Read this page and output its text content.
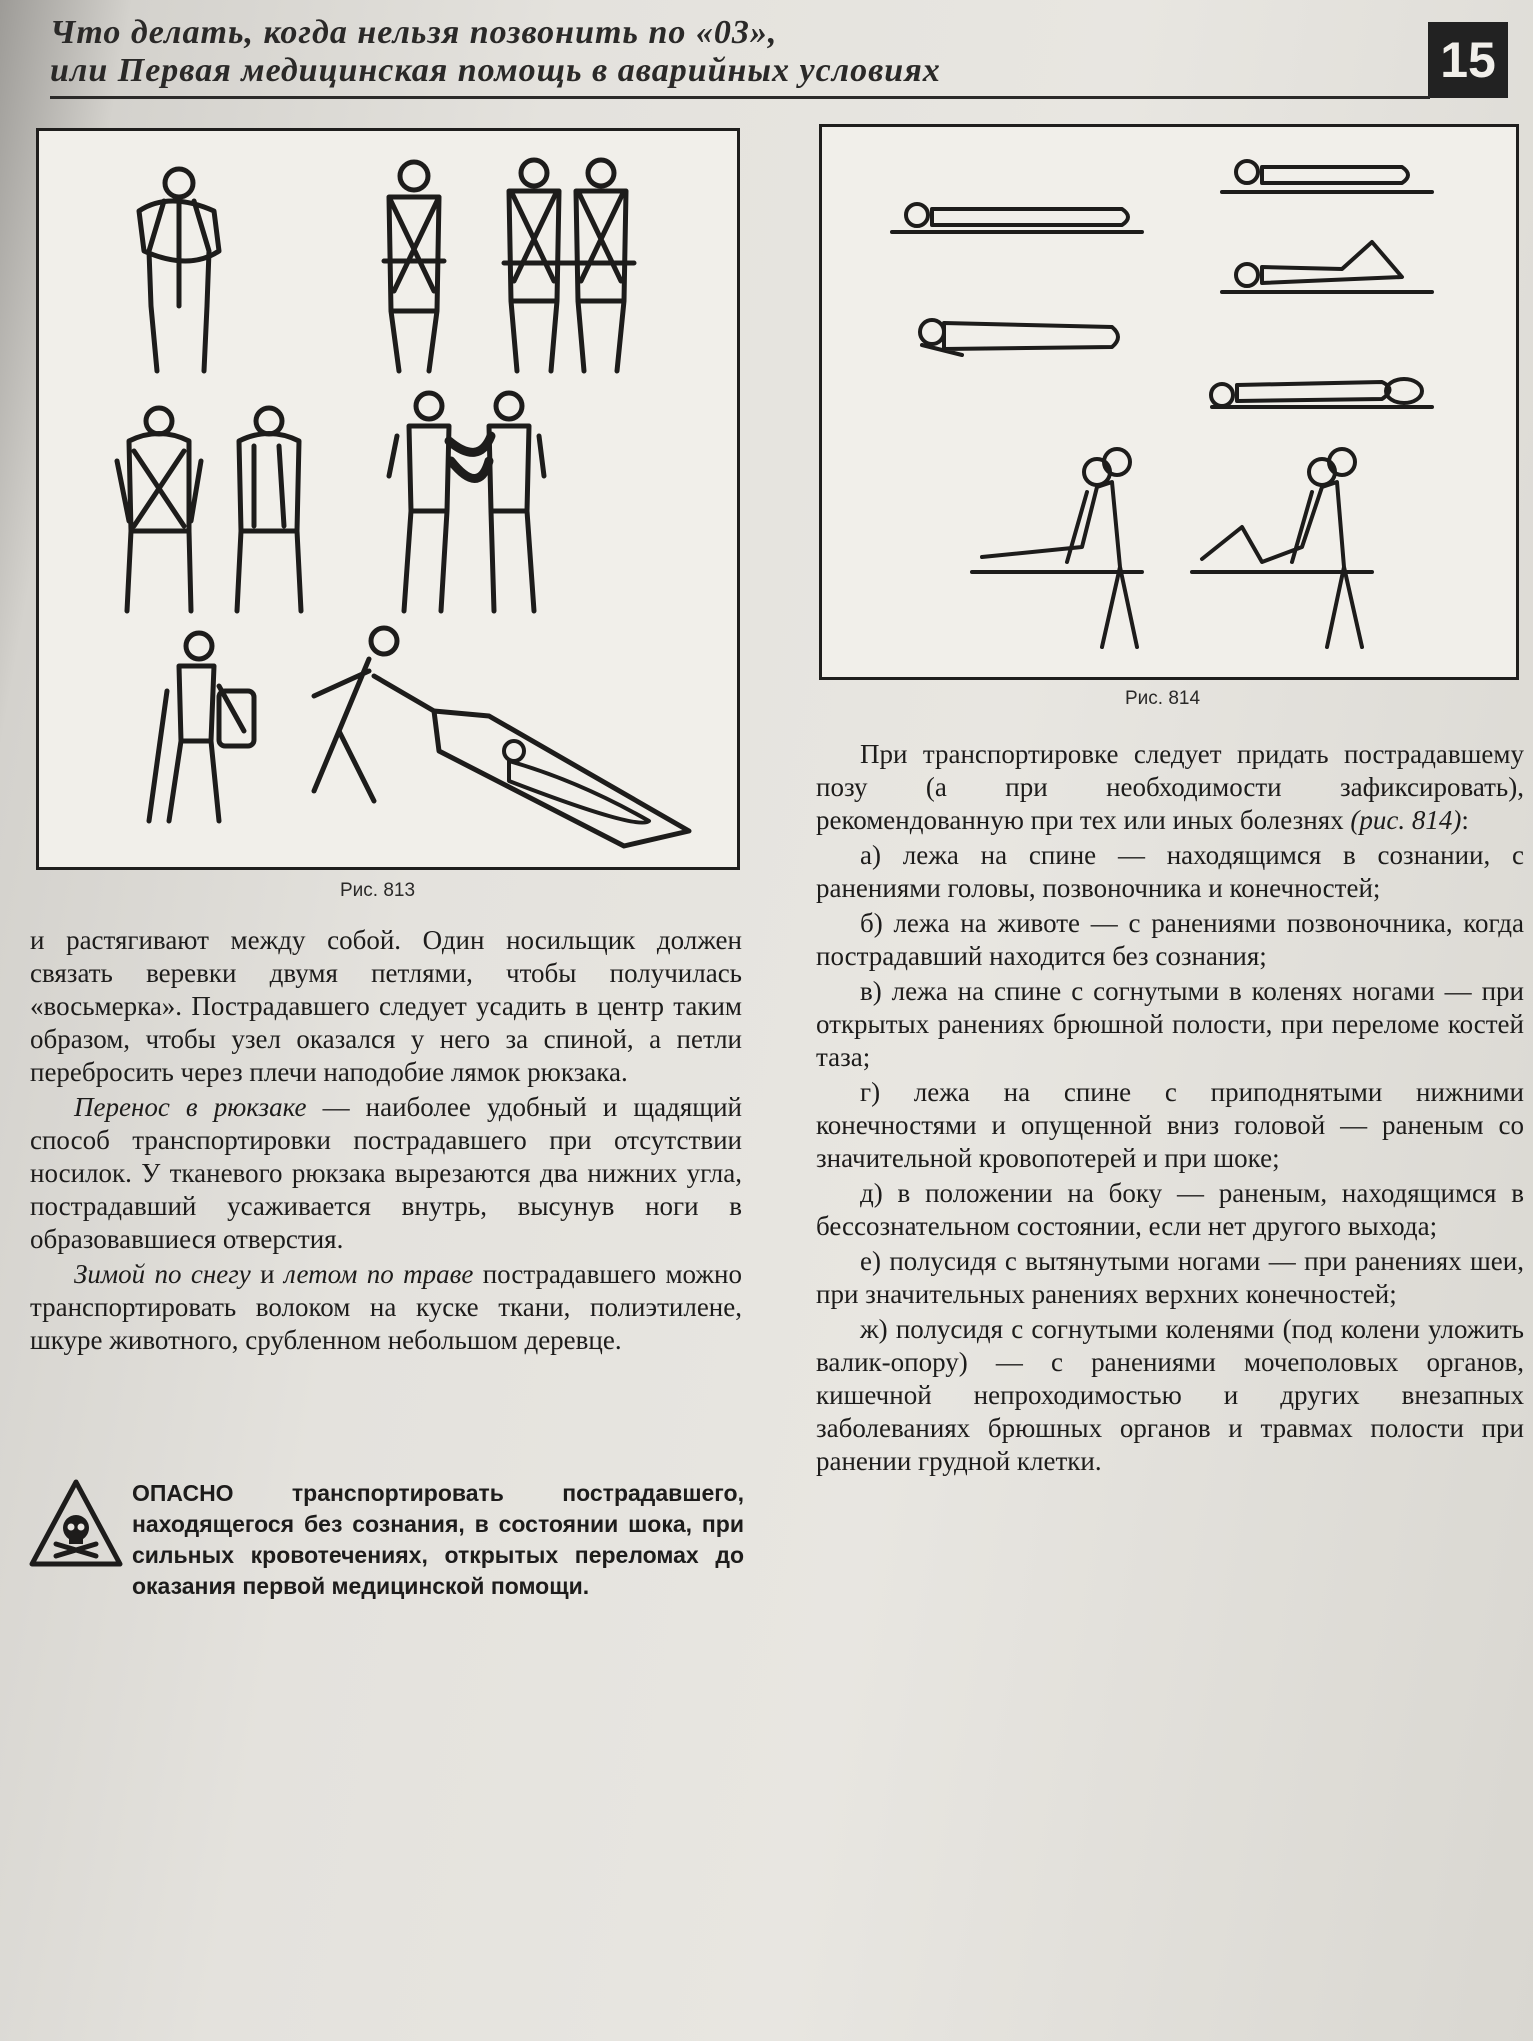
Что делать, когда нельзя позвонить по «03»,
или Первая медицинская помощь в аварийных условиях	15
Рис. 813
Рис. 814

и растягивают между собой. Один носильщик должен связать веревки двумя петлями, чтобы получилась «восьмерка». Пострадавшего следует усадить в центр таким образом, чтобы узел оказался у него за спиной, а петли перебросить через плечи наподобие лямок рюкзака.

Перенос в рюкзаке — наиболее удобный и щадящий способ транспортировки пострадавшего при отсутствии носилок. У тканевого рюкзака вырезаются два нижних угла, пострадавший усаживается внутрь, высунув ноги в образовавшиеся отверстия.

Зимой по снегу и летом по траве пострадавшего можно транспортировать волоком на куске ткани, полиэтилене, шкуре животного, срубленном небольшом деревце.

ОПАСНО транспортировать пострадавшего, находящегося без сознания, в состоянии шока, при сильных кровотечениях, открытых переломах до оказания первой медицинской помощи.

При транспортировке следует придать пострадавшему позу (а при необходимости зафиксировать), рекомендованную при тех или иных болезнях (рис. 814):

а) лежа на спине — находящимся в сознании, с ранениями головы, позвоночника и конечностей;

б) лежа на животе — с ранениями позвоночника, когда пострадавший находится без сознания;

в) лежа на спине с согнутыми в коленях ногами — при открытых ранениях брюшной полости, при переломе костей таза;

г) лежа на спине с приподнятыми нижними конечностями и опущенной вниз головой — раненым со значительной кровопотерей и при шоке;

д) в положении на боку — раненым, находящимся в бессознательном состоянии, если нет другого выхода;

е) полусидя с вытянутыми ногами — при ранениях шеи, при значительных ранениях верхних конечностей;

ж) полусидя с согнутыми коленями (под колени уложить валик-опору) — с ранениями мочеполовых органов, кишечной непроходимостью и других внезапных заболеваниях брюшных органов и травмах полости при ранении грудной клетки.
